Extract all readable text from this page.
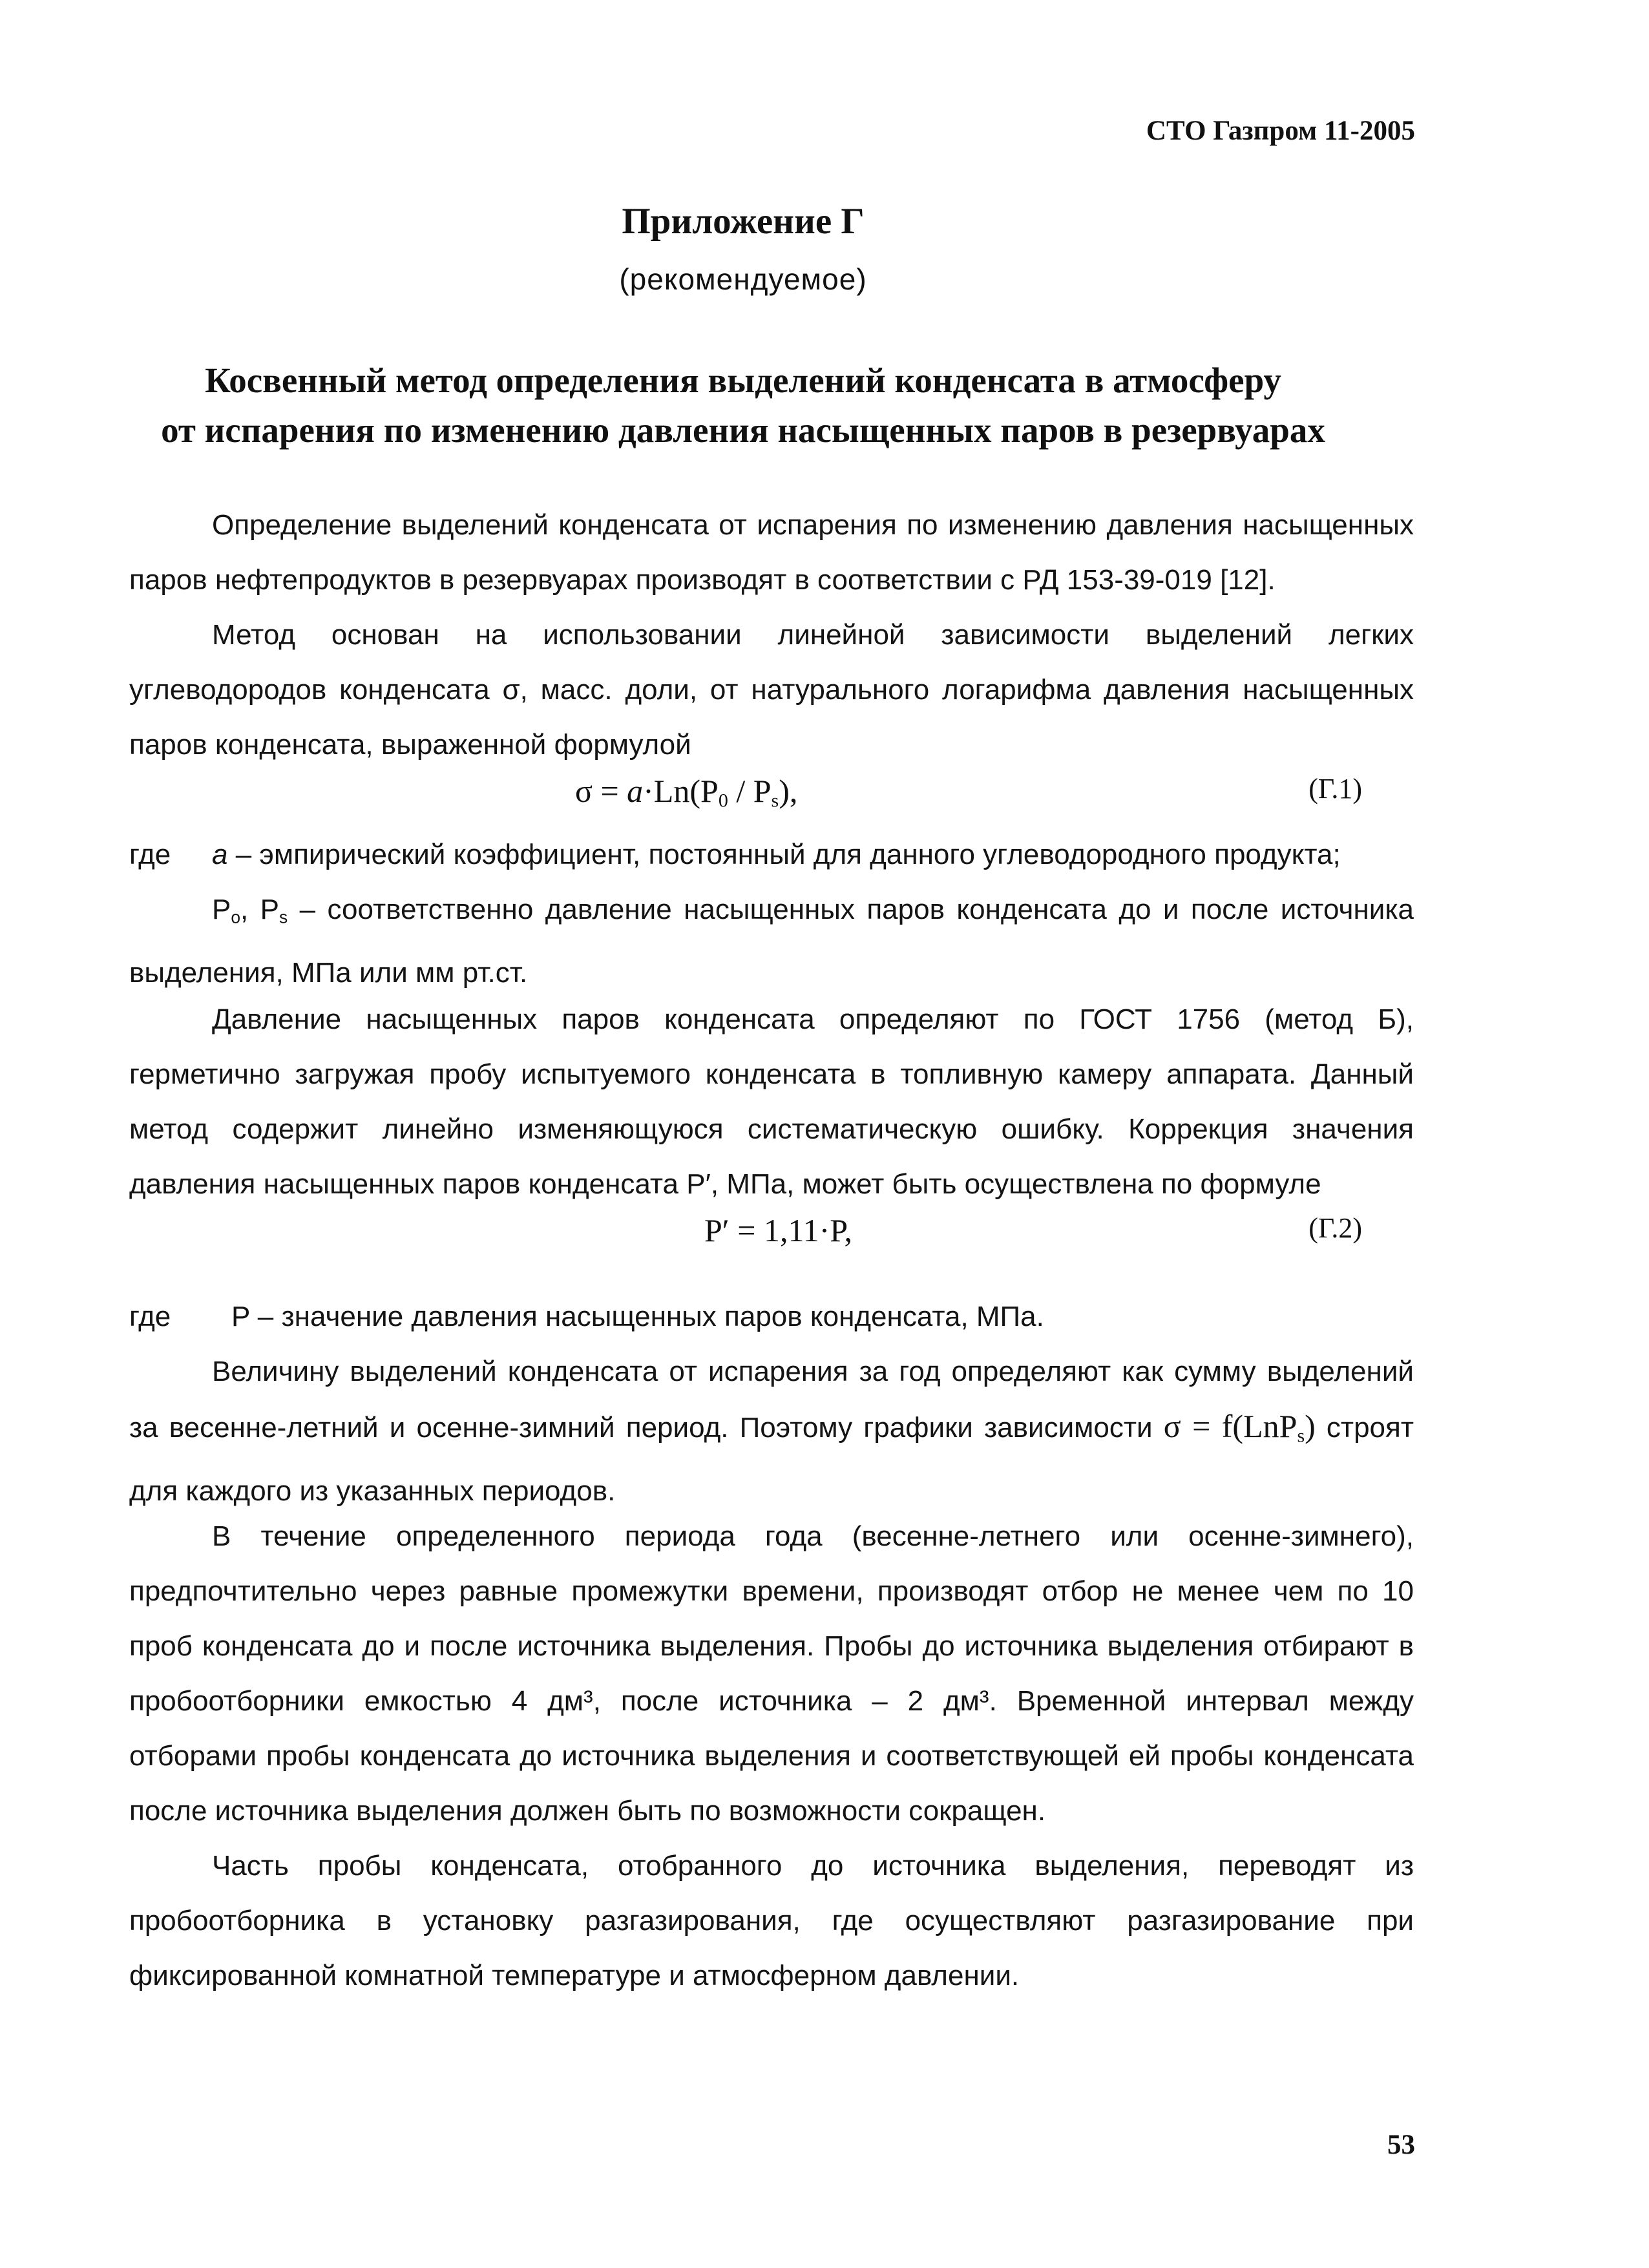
СТО Газпром 11-2005
Приложение Г
(рекомендуемое)
Косвенный метод определения выделений конденсата в атмосферу
от испарения по изменению давления насыщенных паров в резервуарах

Определение выделений конденсата от испарения по изменению давления насыщенных паров нефтепродуктов в резервуарах производят в соответствии с РД 153-39-019 [12].

Метод основан на использовании линейной зависимости выделений легких углеводородов конденсата σ, масс. доли, от натурального логарифма давления насыщенных паров конденсата, выраженной формулой

$\sigma = a\cdot Ln(P_0 / P_s)$,	(Г.1)
где a – эмпирический коэффициент, постоянный для данного углеводородного продукта;

$P_o$, $P_s$ – соответственно давление насыщенных паров конденсата до и после источника выделения, МПа или мм рт.ст.

Давление насыщенных паров конденсата определяют по ГОСТ 1756 (метод Б), герметично загружая пробу испытуемого конденсата в топливную камеру аппарата. Данный метод содержит линейно изменяющуюся систематическую ошибку. Коррекция значения давления насыщенных паров конденсата P′, МПа, может быть осуществлена по формуле

P′ = 1,11·P,	(Г.2)
где P – значение давления насыщенных паров конденсата, МПа.

Величину выделений конденсата от испарения за год определяют как сумму выделений за весенне-летний и осенне-зимний период. Поэтому графики зависимости σ = f(LnP$_s$) строят для каждого из указанных периодов.

В течение определенного периода года (весенне-летнего или осенне-зимнего), предпочтительно через равные промежутки времени, производят отбор не менее чем по 10 проб конденсата до и после источника выделения. Пробы до источника выделения отбирают в пробоотборники емкостью 4 дм³, после источника – 2 дм³. Временной интервал между отборами пробы конденсата до источника выделения и соответствующей ей пробы конденсата после источника выделения должен быть по возможности сокращен.

Часть пробы конденсата, отобранного до источника выделения, переводят из пробоотборника в установку разгазирования, где осуществляют разгазирование при фиксированной комнатной температуре и атмосферном давлении.

53
